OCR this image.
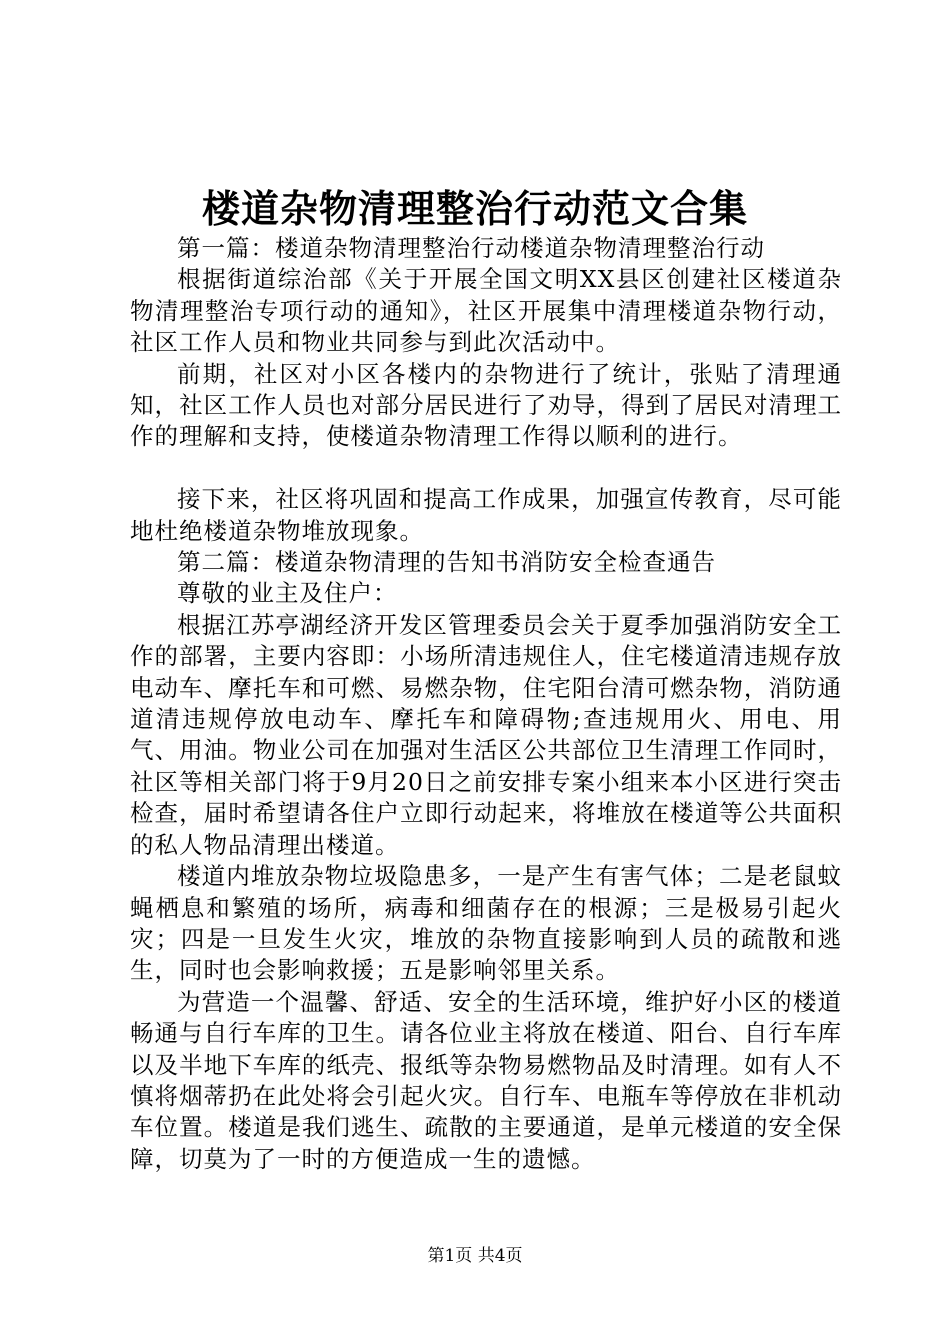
楼道杂物清理整治行动范文合集

第一篇：楼道杂物清理整治行动楼道杂物清理整治行动

根据街道综治部《关于开展全国文明XX县区创建社区楼道杂物清理整治专项行动的通知》，社区开展集中清理楼道杂物行动，社区工作人员和物业共同参与到此次活动中。

前期，社区对小区各楼内的杂物进行了统计，张贴了清理通知，社区工作人员也对部分居民进行了劝导，得到了居民对清理工作的理解和支持，使楼道杂物清理工作得以顺利的进行。

接下来，社区将巩固和提高工作成果，加强宣传教育，尽可能地杜绝楼道杂物堆放现象。

第二篇：楼道杂物清理的告知书消防安全检查通告

尊敬的业主及住户：

根据江苏亭湖经济开发区管理委员会关于夏季加强消防安全工作的部署，主要内容即：小场所清违规住人，住宅楼道清违规存放电动车、摩托车和可燃、易燃杂物，住宅阳台清可燃杂物，消防通道清违规停放电动车、摩托车和障碍物;查违规用火、用电、用气、用油。物业公司在加强对生活区公共部位卫生清理工作同时，社区等相关部门将于9月20日之前安排专案小组来本小区进行突击检查，届时希望请各住户立即行动起来，将堆放在楼道等公共面积的私人物品清理出楼道。

楼道内堆放杂物垃圾隐患多，一是产生有害气体；二是老鼠蚊蝇栖息和繁殖的场所，病毒和细菌存在的根源；三是极易引起火灾；四是一旦发生火灾，堆放的杂物直接影响到人员的疏散和逃生，同时也会影响救援；五是影响邻里关系。

为营造一个温馨、舒适、安全的生活环境，维护好小区的楼道畅通与自行车库的卫生。请各位业主将放在楼道、阳台、自行车库以及半地下车库的纸壳、报纸等杂物易燃物品及时清理。如有人不慎将烟蒂扔在此处将会引起火灾。自行车、电瓶车等停放在非机动车位置。楼道是我们逃生、疏散的主要通道，是单元楼道的安全保障，切莫为了一时的方便造成一生的遗憾。

第1页 共4页
